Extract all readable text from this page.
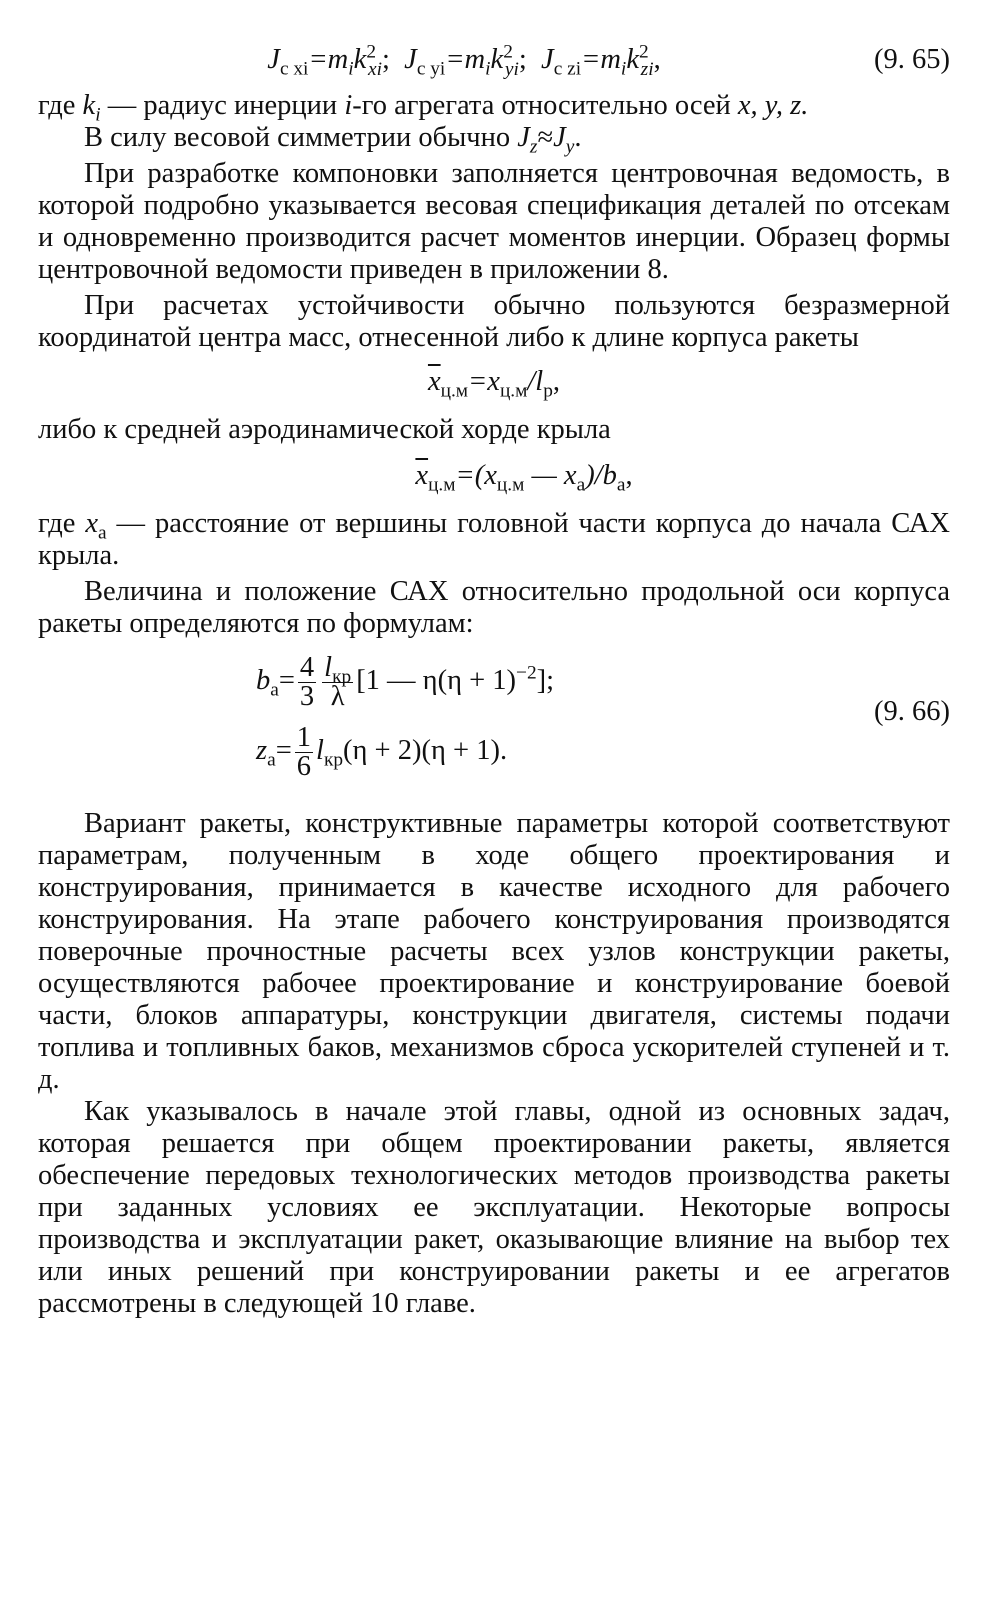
$J_{c xi}=m_ik^2_{xi}$;  $J_{c yi}=m_ik^2_{yi}$;  $J_{c zi}=m_ik^2_{zi}$,	(9. 65)

где $k_i$ — радиус инерции i-го агрегата относительно осей x, y, z.

В силу весовой симметрии обычно $J_z\approx J_y$.

При разработке компоновки заполняется центровочная ведомость, в которой подробно указывается весовая спецификация деталей по отсекам и одновременно производится расчет моментов инерции. Образец формы центровочной ведомости приведен в приложении 8.

При расчетах устойчивости обычно пользуются безразмерной координатой центра масс, отнесенной либо к длине корпуса ракеты

$\overline{x}_{ц.м}=x_{ц.м}/l_р$,

либо к средней аэродинамической хорде крыла

$\overline{x}_{ц.м}=(x_{ц.м}$ — $x_а)/b_а$,

где $x_а$ — расстояние от вершины головной части корпуса до начала САХ крыла.

Величина и положение САХ относительно продольной оси корпуса ракеты определяются по формулам:

$b_а= \frac{4}{3} \frac{l_{кр}}{\lambda} [1$ — $\eta(\eta + 1)^{-2}$];
$z_а= \frac{1}{6} l_{кр}(\eta + 2)(\eta + 1)$.
(9. 66)

Вариант ракеты, конструктивные параметры которой соответствуют параметрам, полученным в ходе общего проектирования и конструирования, принимается в качестве исходного для рабочего конструирования. На этапе рабочего конструирования производятся поверочные прочностные расчеты всех узлов конструкции ракеты, осуществляются рабочее проектирование и конструирование боевой части, блоков аппаратуры, конструкции двигателя, системы подачи топлива и топливных баков, механизмов сброса ускорителей ступеней и т. д.

Как указывалось в начале этой главы, одной из основных задач, которая решается при общем проектировании ракеты, является обеспечение передовых технологических методов производства ракеты при заданных условиях ее эксплуатации. Некоторые вопросы производства и эксплуатации ракет, оказывающие влияние на выбор тех или иных решений при конструировании ракеты и ее агрегатов рассмотрены в следующей 10 главе.
